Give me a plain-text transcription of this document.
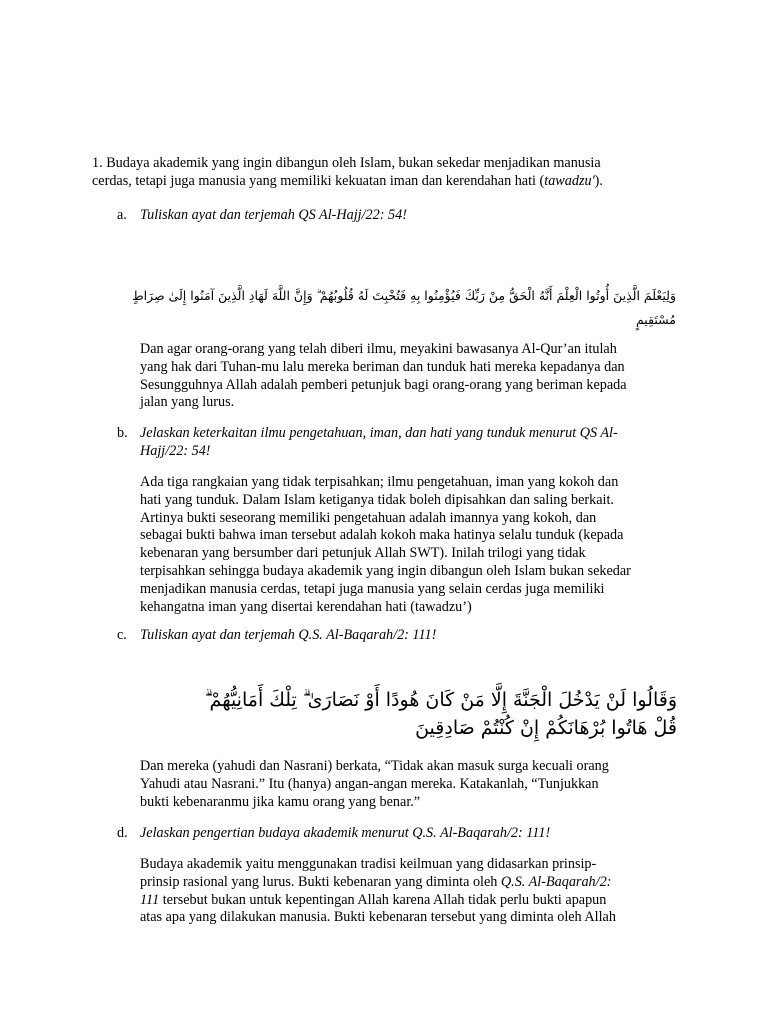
1. Budaya akademik yang ingin dibangun oleh Islam, bukan sekedar menjadikan manusia
cerdas, tetapi juga manusia yang memiliki kekuatan iman dan kerendahan hati (tawadzu').

a. Tuliskan ayat dan terjemah QS Al-Hajj/22: 54!
وَلِيَعْلَمَ الَّذِينَ أُوتُوا الْعِلْمَ أَنَّهُ الْحَقُّ مِنْ رَبِّكَ فَيُؤْمِنُوا بِهِ فَتُخْبِتَ لَهُ قُلُوبُهُمْ ۗ وَإِنَّ اللَّهَ لَهَادِ الَّذِينَ آمَنُوا إِلَىٰ صِرَاطٍ مُسْتَقِيمٍ
Dan agar orang-orang yang telah diberi ilmu, meyakini bawasanya Al-Qur’an itulah
yang hak dari Tuhan-mu lalu mereka beriman dan tunduk hati mereka kepadanya dan
Sesungguhnya Allah adalah pemberi petunjuk bagi orang-orang yang beriman kepada
jalan yang lurus.
b. Jelaskan keterkaitan ilmu pengetahuan, iman, dan hati yang tunduk menurut QS Al-
Hajj/22: 54!
Ada tiga rangkaian yang tidak terpisahkan; ilmu pengetahuan, iman yang kokoh dan
hati yang tunduk. Dalam Islam ketiganya tidak boleh dipisahkan dan saling berkait.
Artinya bukti seseorang memiliki pengetahuan adalah imannya yang kokoh, dan
sebagai bukti bahwa iman tersebut adalah kokoh maka hatinya selalu tunduk (kepada
kebenaran yang bersumber dari petunjuk Allah SWT). Inilah trilogi yang tidak
terpisahkan sehingga budaya akademik yang ingin dibangun oleh Islam bukan sekedar
menjadikan manusia cerdas, tetapi juga manusia yang selain cerdas juga memiliki
kehangatna iman yang disertai kerendahan hati (tawadzu’)
c. Tuliskan ayat dan terjemah Q.S. Al-Baqarah/2: 111!
وَقَالُوا لَنْ يَدْخُلَ الْجَنَّةَ إِلَّا مَنْ كَانَ هُودًا أَوْ نَصَارَىٰ ۗ تِلْكَ أَمَانِيُّهُمْ ۗ
قُلْ هَاتُوا بُرْهَانَكُمْ إِنْ كُنْتُمْ صَادِقِينَ
Dan mereka (yahudi dan Nasrani) berkata, “Tidak akan masuk surga kecuali orang
Yahudi atau Nasrani.” Itu (hanya) angan-angan mereka. Katakanlah, “Tunjukkan
bukti kebenaranmu jika kamu orang yang benar.”
d. Jelaskan pengertian budaya akademik menurut Q.S. Al-Baqarah/2: 111!
Budaya akademik yaitu menggunakan tradisi keilmuan yang didasarkan prinsip-
prinsip rasional yang lurus. Bukti kebenaran yang diminta oleh Q.S. Al-Baqarah/2:
111 tersebut bukan untuk kepentingan Allah karena Allah tidak perlu bukti apapun
atas apa yang dilakukan manusia. Bukti kebenaran tersebut yang diminta oleh Allah
